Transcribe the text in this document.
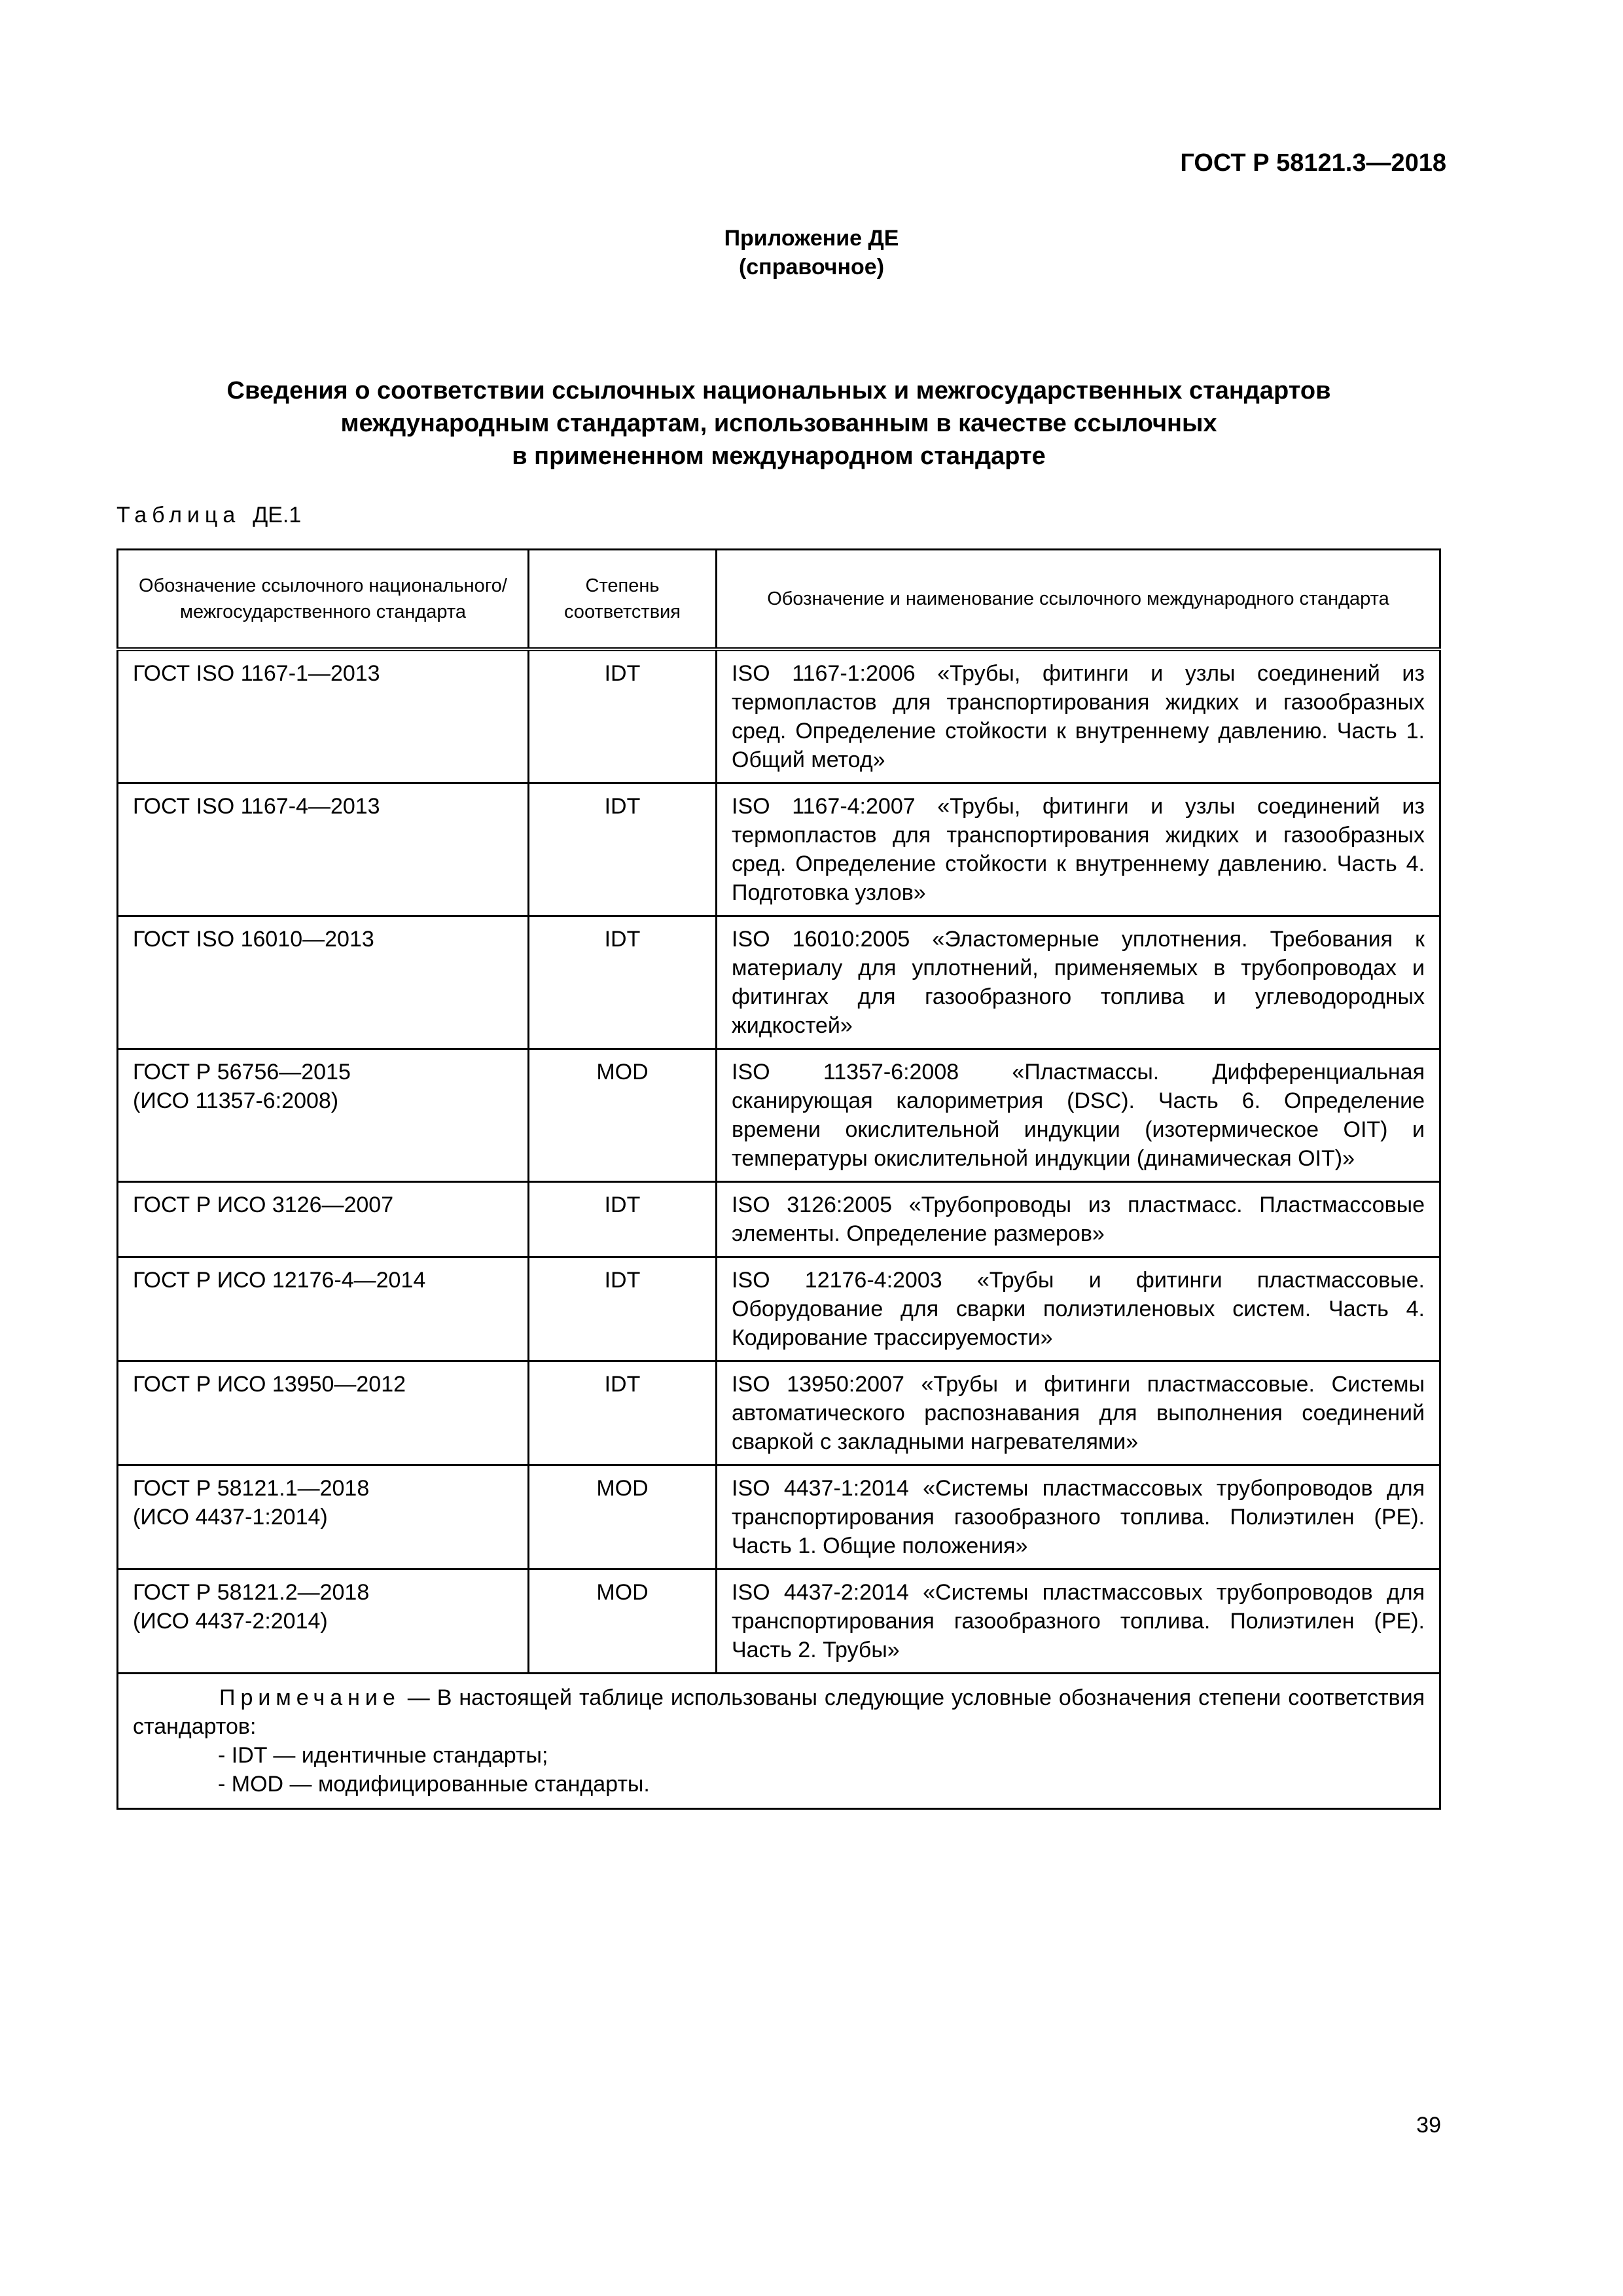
ГОСТ Р 58121.3—2018
Приложение ДЕ
(справочное)
Сведения о соответствии ссылочных национальных и межгосударственных стандартов
международным стандартам, использованным в качестве ссылочных
в примененном международном стандарте
Таблица ДЕ.1
Обозначение ссылочного национального/межгосударственного стандарта	Степень соответствия	Обозначение и наименование ссылочного международного стандарта

ГОСТ ISO 1167-1—2013	IDT	ISO 1167-1:2006 «Трубы, фитинги и узлы соединений из термопластов для транспортирования жидких и газообразных сред. Определение стойкости к внутреннему давлению. Часть 1. Общий метод»

ГОСТ ISO 1167-4—2013	IDT	ISO 1167-4:2007 «Трубы, фитинги и узлы соединений из термопластов для транспортирования жидких и газообразных сред. Определение стойкости к внутреннему давлению. Часть 4. Подготовка узлов»

ГОСТ ISO 16010—2013	IDT	ISO 16010:2005 «Эластомерные уплотнения. Требования к материалу для уплотнений, применяемых в трубопроводах и фитингах для газообразного топлива и углеводородных жидкостей»

ГОСТ Р 56756—2015
(ИСО 11357-6:2008)	MOD	ISO 11357-6:2008 «Пластмассы. Дифференциальная сканирующая калориметрия (DSC). Часть 6. Определение времени окислительной индукции (изотермическое OIT) и температуры окислительной индукции (динамическая OIT)»

ГОСТ Р ИСО 3126—2007	IDT	ISO 3126:2005 «Трубопроводы из пластмасс. Пластмассовые элементы. Определение размеров»

ГОСТ Р ИСО 12176-4—2014	IDT	ISO 12176-4:2003 «Трубы и фитинги пластмассовые. Оборудование для сварки полиэтиленовых систем. Часть 4. Кодирование трассируемости»

ГОСТ Р ИСО 13950—2012	IDT	ISO 13950:2007 «Трубы и фитинги пластмассовые. Системы автоматического распознавания для выполнения соединений сваркой с закладными нагревателями»

ГОСТ Р 58121.1—2018
(ИСО 4437-1:2014)	MOD	ISO 4437-1:2014 «Системы пластмассовых трубопроводов для транспортирования газообразного топлива. Полиэтилен (PE). Часть 1. Общие положения»

ГОСТ Р 58121.2—2018
(ИСО 4437-2:2014)	MOD	ISO 4437-2:2014 «Системы пластмассовых трубопроводов для транспортирования газообразного топлива. Полиэтилен (PE). Часть 2. Трубы»

Примечание — В настоящей таблице использованы следующие условные обозначения степени соответствия стандартов:
- IDT — идентичные стандарты;
- MOD — модифицированные стандарты.		
39
